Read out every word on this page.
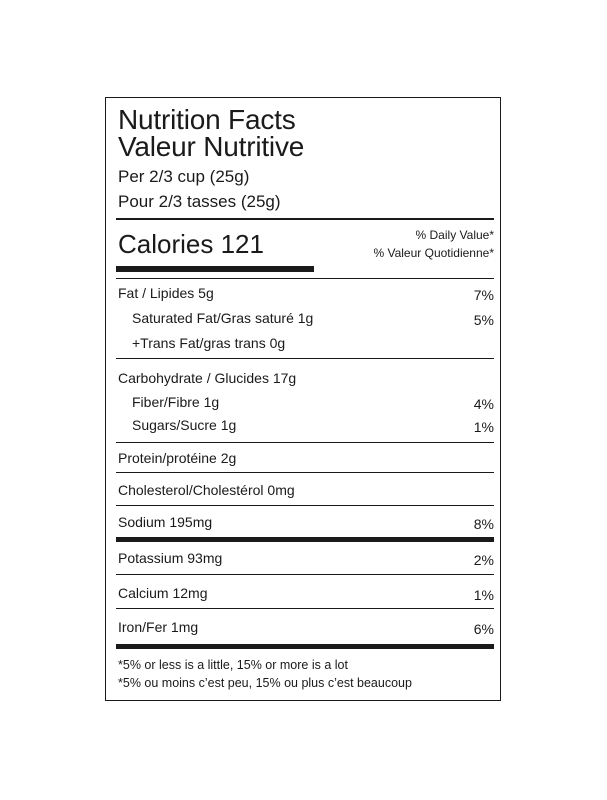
Nutrition Facts
Valeur Nutritive
Per 2/3 cup (25g)
Pour 2/3 tasses (25g)
Calories 121	% Daily Value*
% Valeur Quotidienne*
Fat / Lipides 5g	7%
Saturated Fat/Gras saturé 1g	5%
+Trans Fat/gras trans 0g
Carbohydrate / Glucides 17g
Fiber/Fibre 1g	4%
Sugars/Sucre 1g	1%
Protein/protéine 2g
Cholesterol/Cholestérol 0mg
Sodium 195mg	8%
Potassium 93mg	2%
Calcium 12mg	1%
Iron/Fer 1mg	6%
*5% or less is a little, 15% or more is a lot
*5% ou moins c’est peu, 15% ou plus c’est beaucoup
